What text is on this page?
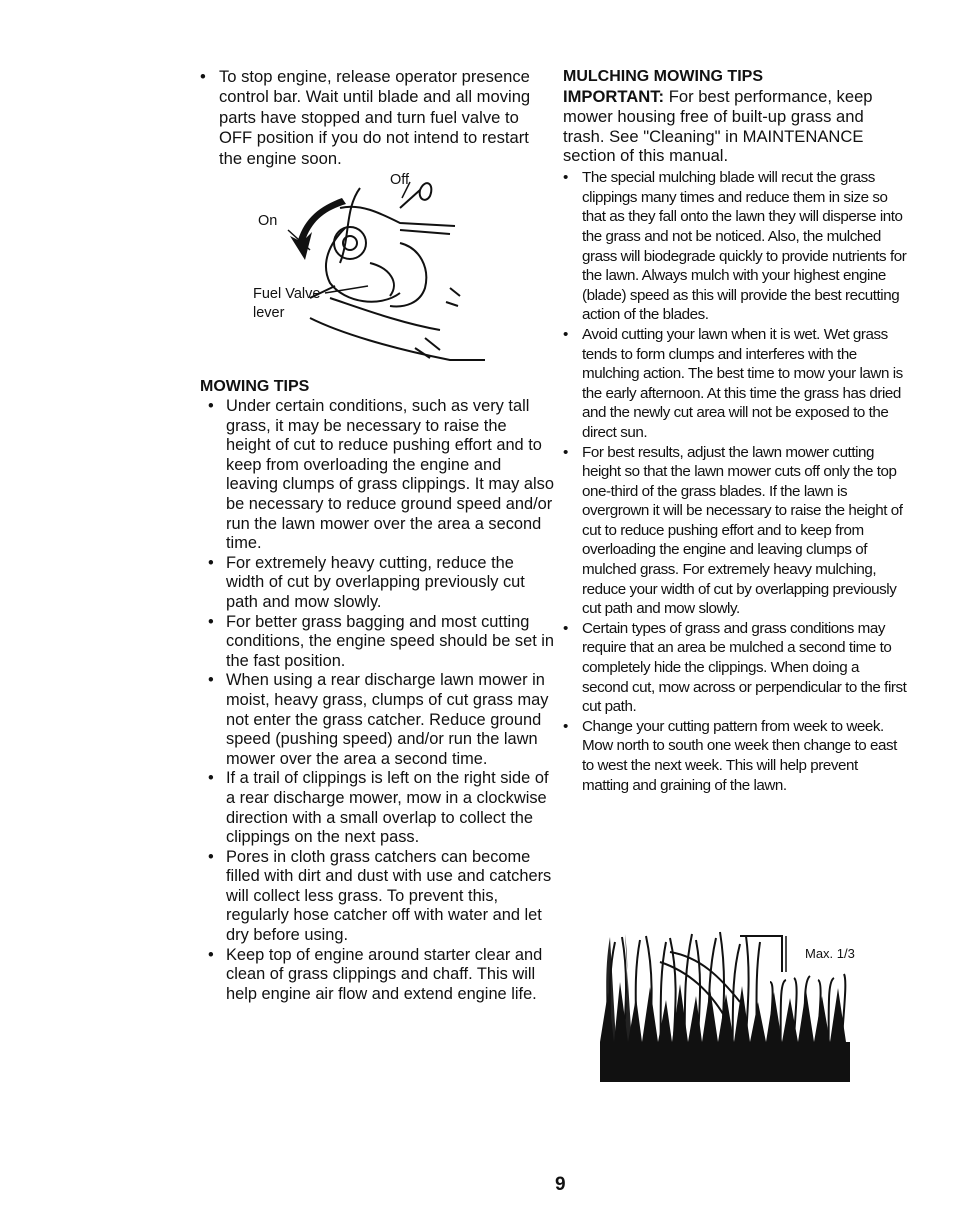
• To stop engine, release operator presence control bar. Wait until blade and all moving parts have stopped and turn fuel valve to OFF position if you do not intend to restart the engine soon.
MOWING TIPS
• Under certain conditions, such as very tall grass, it may be necessary to raise the height of cut to reduce pushing effort and to keep from overloading the engine and leaving clumps of grass clippings. It may also be necessary to reduce ground speed and/or run the lawn mower over the area a second time.
• For extremely heavy cutting, reduce the width of cut by overlapping previously cut path and mow slowly.
• For better grass bagging and most cutting conditions, the engine speed should be set in the fast position.
• When using a rear discharge lawn mower in moist, heavy grass, clumps of cut grass may not enter the grass catcher. Reduce ground speed (pushing speed) and/or run the lawn mower over the area a second time.
• If a trail of clippings is left on the right side of a rear discharge mower, mow in a clockwise direction with a small overlap to collect the clippings on the next pass.
• Pores in cloth grass catchers can become filled with dirt and dust with use and catchers will collect less grass. To prevent this, regularly hose catcher off with water and let dry before using.
• Keep top of engine around starter clear and clean of grass clippings and chaff. This will help engine air flow and extend engine life.
Off
On
Fuel Valve
lever
MULCHING MOWING TIPS

IMPORTANT: For best performance, keep mower housing free of built-up grass and trash. See "Cleaning" in MAINTENANCE section of this manual.

• The special mulching blade will recut the grass clippings many times and reduce them in size so that as they fall onto the lawn they will disperse into the grass and not be noticed. Also, the mulched grass will biodegrade quickly to provide nutrients for the lawn. Always mulch with your highest engine (blade) speed as this will provide the best recutting action of the blades.
• Avoid cutting your lawn when it is wet. Wet grass tends to form clumps and interferes with the mulching action. The best time to mow your lawn is the early afternoon. At this time the grass has dried and the newly cut area will not be exposed to the direct sun.
• For best results, adjust the lawn mower cutting height so that the lawn mower cuts off only the top one-third of the grass blades. If the lawn is overgrown it will be necessary to raise the height of cut to reduce pushing effort and to keep from overloading the engine and leaving clumps of mulched grass. For extremely heavy mulching, reduce your width of cut by overlapping previously cut path and mow slowly.
• Certain types of grass and grass conditions may require that an area be mulched a second time to completely hide the clippings. When doing a second cut, mow across or perpendicular to the first cut path.
• Change your cutting pattern from week to week. Mow north to south one week then change to east to west the next week. This will help prevent matting and graining of the lawn.
Max. 1/3
9
